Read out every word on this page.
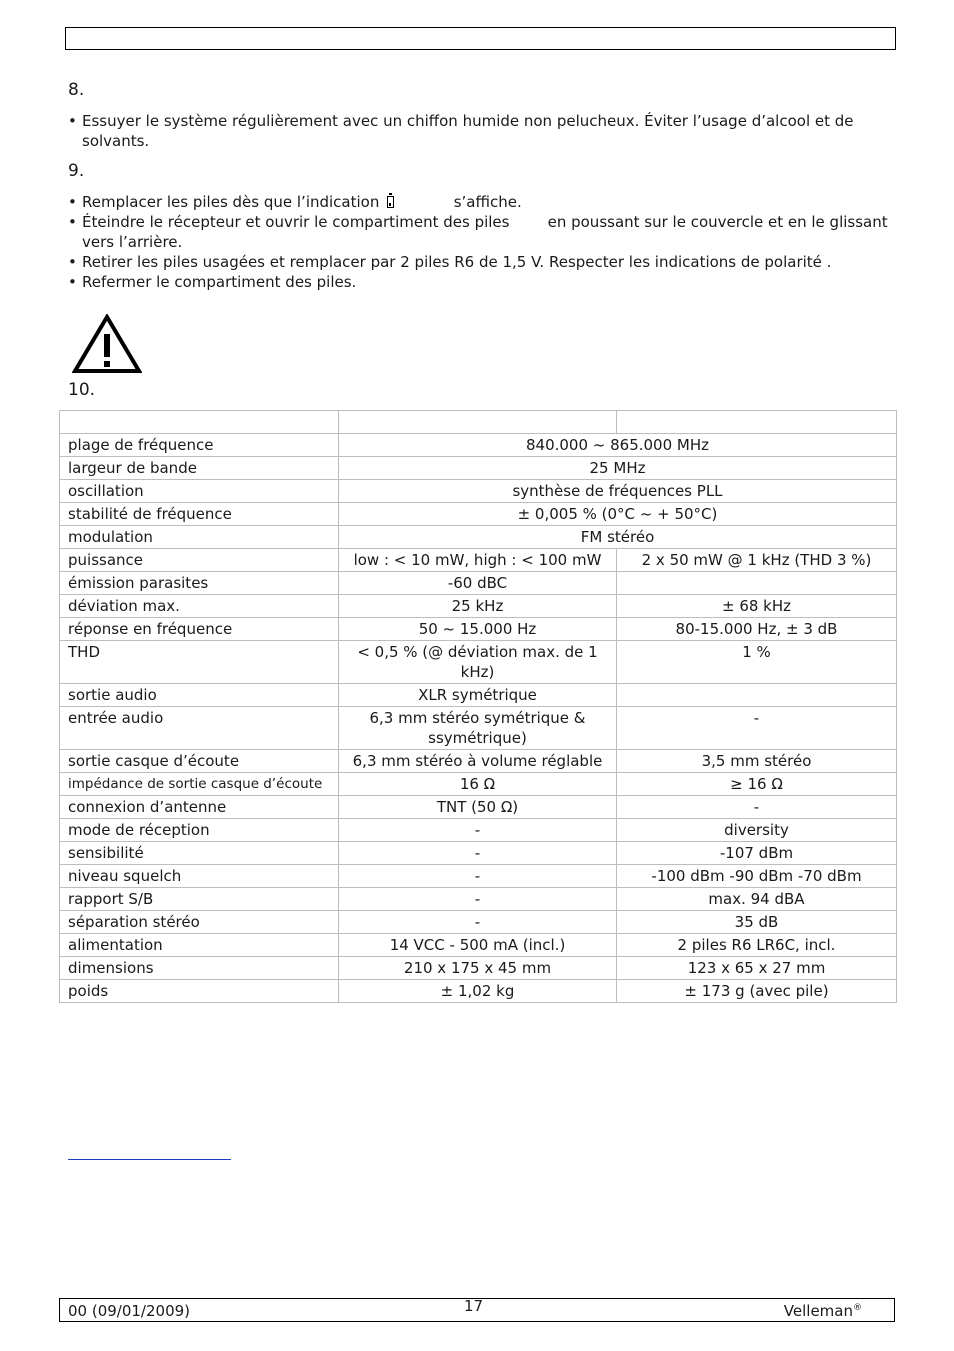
8.
• Essuyer le système régulièrement avec un chiffon humide non pelucheux. Éviter l’usage d’alcool et de solvants.
9.
• Remplacer les piles dès que l’indication	s’affiche.
• Éteindre le récepteur et ouvrir le compartiment des piles        en poussant sur le couvercle et en le glissant vers l’arrière.
• Retirer les piles usagées et remplacer par 2 piles R6 de 1,5 V. Respecter les indications de polarité .
• Refermer le compartiment des piles.
10.

plage de fréquence	840.000 ~ 865.000 MHz	
largeur de bande	25 MHz	
oscillation	synthèse de fréquences PLL	
stabilité de fréquence	± 0,005 % (0°C ~ + 50°C)	
modulation	FM stéréo	
puissance	low : < 10 mW, high : < 100 mW	2 x 50 mW @ 1 kHz (THD 3 %)
émission parasites	-60 dBC	
déviation max.	25 kHz	± 68 kHz
réponse en fréquence	50 ~ 15.000 Hz	80-15.000 Hz, ± 3 dB
THD	< 0,5 % (@ déviation max. de 1 kHz)	1 %
sortie audio	XLR symétrique	
entrée audio	6,3 mm stéréo symétrique & ssymétrique)	-
sortie casque d’écoute	6,3 mm stéréo à volume réglable	3,5 mm stéréo
impédance de sortie casque d’écoute	16 Ω	≥ 16 Ω
connexion d’antenne	TNT (50 Ω)	-
mode de réception	-	diversity
sensibilité	-	-107 dBm
niveau squelch	-	-100 dBm -90 dBm -70 dBm
rapport S/B	-	max. 94 dBA
séparation stéréo	-	35 dB
alimentation	14 VCC - 500 mA (incl.)	2 piles R6 LR6C, incl.
dimensions	210 x 175 x 45 mm	123 x 65 x 27 mm
poids	± 1,02 kg	± 173 g (avec pile)
00 (09/01/2009)	17	Velleman®
